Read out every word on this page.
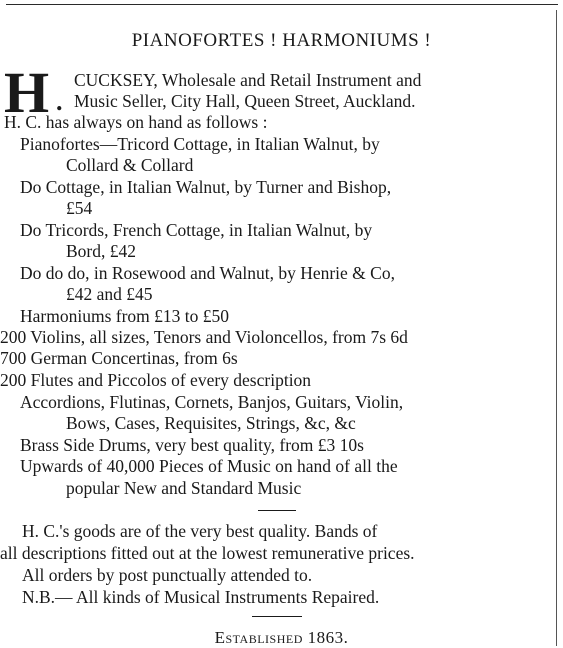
PIANOFORTES ! HARMONIUMS !
H .
CUCKSEY, Wholesale and Retail Instrument and
Music Seller, City Hall, Queen Street, Auckland.
H. C. has always on hand as follows :
Pianofortes—Tricord Cottage, in Italian Walnut, by
Collard & Collard
Do Cottage, in Italian Walnut, by Turner and Bishop,
£54
Do Tricords, French Cottage, in Italian Walnut, by
Bord, £42
Do do do, in Rosewood and Walnut, by Henrie & Co,
£42 and £45
Harmoniums from £13 to £50
200 Violins, all sizes, Tenors and Violoncellos, from 7s 6d
700 German Concertinas, from 6s
200 Flutes and Piccolos of every description
Accordions, Flutinas, Cornets, Banjos, Guitars, Violin,
Bows, Cases, Requisites, Strings, &c, &c
Brass Side Drums, very best quality, from £3 10s
Upwards of 40,000 Pieces of Music on hand of all the
popular New and Standard Music
H. C.'s goods are of the very best quality. Bands of
all descriptions fitted out at the lowest remunerative prices.
All orders by post punctually attended to.
N.B.— All kinds of Musical Instruments Repaired.
Established 1863.
